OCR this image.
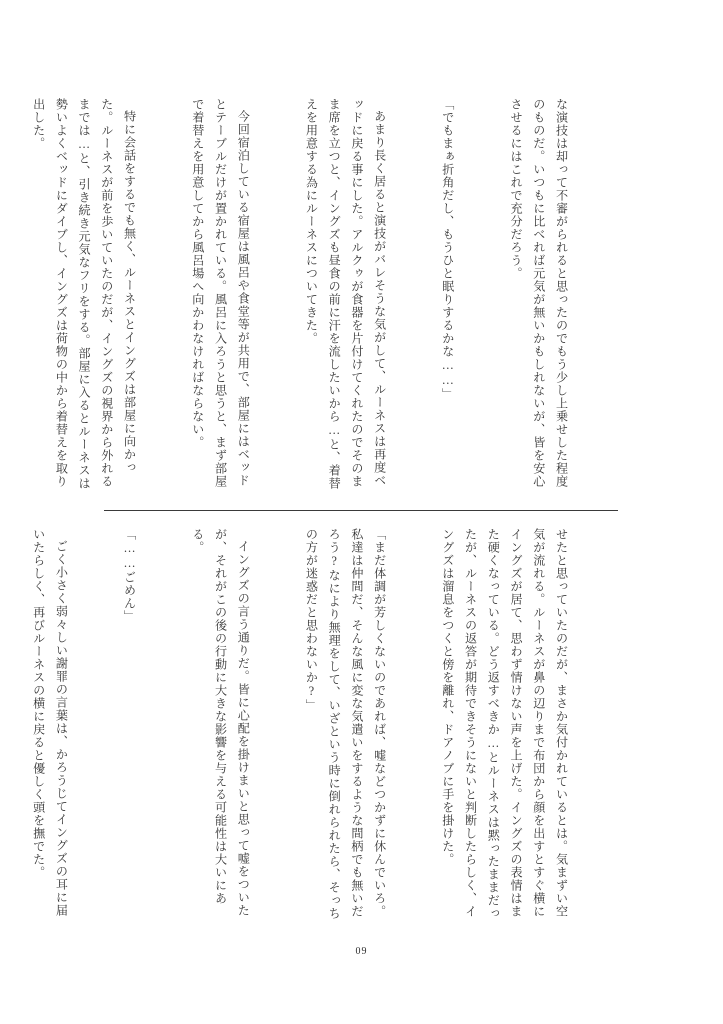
な演技は却って不審がられると思ったのでもう少し上乗せした程度のものだ。いつもに比べれば元気が無いかもしれないが、皆を安心させるにはこれで充分だろう。

「でもまぁ折角だし、もうひと眠りするかな……」

あまり長く居ると演技がバレそうな気がして、ルーネスは再度ベッドに戻る事にした。アルクゥが食器を片付けてくれたのでそのまま席を立つと、イングズも昼食の前に汗を流したいから…と、着替えを用意する為にルーネスについてきた。

今回宿泊している宿屋は風呂や食堂等が共用で、部屋にはベッドとテーブルだけが置かれている。風呂に入ろうと思うと、まず部屋で着替えを用意してから風呂場へ向かわなければならない。

特に会話をするでも無く、ルーネスとイングズは部屋に向かった。ルーネスが前を歩いていたのだが、イングズの視界から外れるまでは…と、引き続き元気なフリをする。部屋に入るとルーネスは勢いよくベッドにダイブし、イングズは荷物の中から着替えを取り出した。

せたと思っていたのだが、まさか気付かれているとは。気まずい空気が流れる。ルーネスが鼻の辺りまで布団から顔を出すとすぐ横にイングズが居て、思わず情けない声を上げた。イングズの表情はまた硬くなっている。どう返すべきか…とルーネスは黙ったままだったが、ルーネスの返答が期待できそうにないと判断したらしく、イングズは溜息をつくと傍を離れ、ドアノブに手を掛けた。

「まだ体調が芳しくないのであれば、嘘などつかずに休んでいろ。私達は仲間だ、そんな風に変な気遣いをするような間柄でも無いだろう?なにより無理をして、いざという時に倒れられたら、そっちの方が迷惑だと思わないか?」

イングズの言う通りだ。皆に心配を掛けまいと思って嘘をついたが、それがこの後の行動に大きな影響を与える可能性は大いにある。

「……ごめん」

ごく小さく弱々しい謝罪の言葉は、かろうじてイングズの耳に届いたらしく、再びルーネスの横に戻ると優しく頭を撫でた。

09
